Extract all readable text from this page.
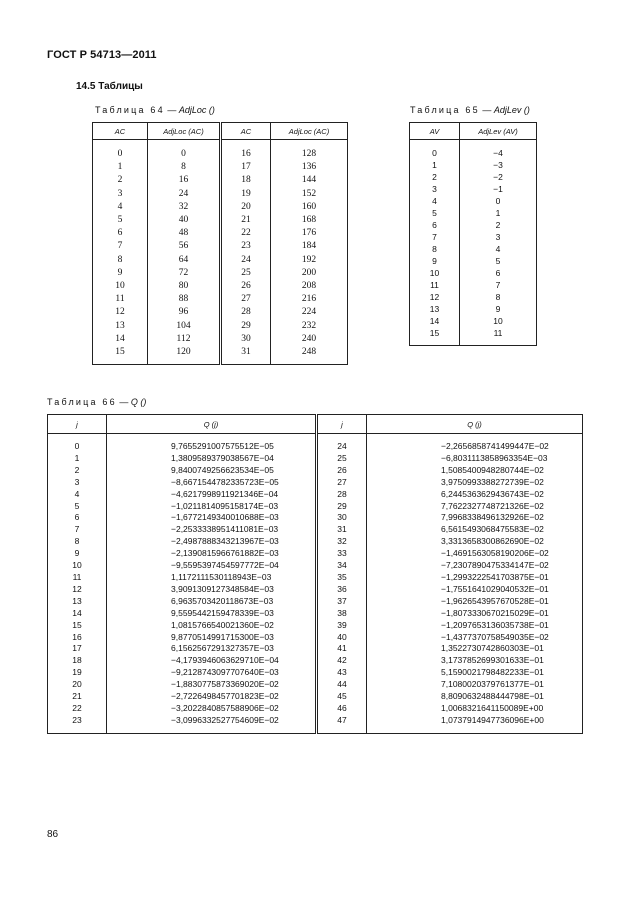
ГОСТ Р 54713—2011
14.5 Таблицы
Таблица 64 — AdjLoc ()
AC	AdjLoc (AC)	AC	AdjLoc (AC)

0	0	16	128
1	8	17	136
2	16	18	144
3	24	19	152
4	32	20	160
5	40	21	168
6	48	22	176
7	56	23	184
8	64	24	192
9	72	25	200
10	80	26	208
11	88	27	216
12	96	28	224
13	104	29	232
14	112	30	240
15	120	31	248

Таблица 65 — AdjLev ()
AV	AdjLev (AV)

0	−4
1	−3
2	−2
3	−1
4	0
5	1
6	2
7	3
8	4
9	5
10	6
11	7
12	8
13	9
14	10
15	11

Таблица 66 — Q ()
j	Q (j)	j	Q (j)

0	9,7655291007575512E−05	24	−2,2656858741499447E−02
1	1,3809589379038567E−04	25	−6,8031113858963354E−03
2	9,8400749256623534E−05	26	1,5085400948280744E−02
3	−8,6671544782335723E−05	27	3,9750993388272739E−02
4	−4,6217998911921346E−04	28	6,2445363629436743E−02
5	−1,0211814095158174E−03	29	7,7622327748721326E−02
6	−1,6772149340010688E−03	30	7,9968338496132926E−02
7	−2,2533338951411081E−03	31	6,5615493068475583E−02
8	−2,4987888343213967E−03	32	3,3313658300862690E−02
9	−2,1390815966761882E−03	33	−1,4691563058190206E−02
10	−9,5595397454597772E−04	34	−7,2307890475334147E−02
11	1,1172111530118943E−03	35	−1,2993222541703875E−01
12	3,9091309127348584E−03	36	−1,7551641029040532E−01
13	6,9635703420118673E−03	37	−1,9626543957670528E−01
14	9,5595442159478339E−03	38	−1,8073330670215029E−01
15	1,0815766540021360E−02	39	−1,2097653136035738E−01
16	9,8770514991715300E−03	40	−1,4377370758549035E−02
17	6,1562567291327357E−03	41	1,3522730742860303E−01
18	−4,1793946063629710E−04	42	3,1737852699301633E−01
19	−9,2128743097707640E−03	43	5,1590021798482233E−01
20	−1,8830775873369020E−02	44	7,1080020379761377E−01
21	−2,7226498457701823E−02	45	8,8090632488444798E−01
22	−3,2022840857588906E−02	46	1,0068321641150089E+00
23	−3,0996332527754609E−02	47	1,0737914947736096E+00

86
